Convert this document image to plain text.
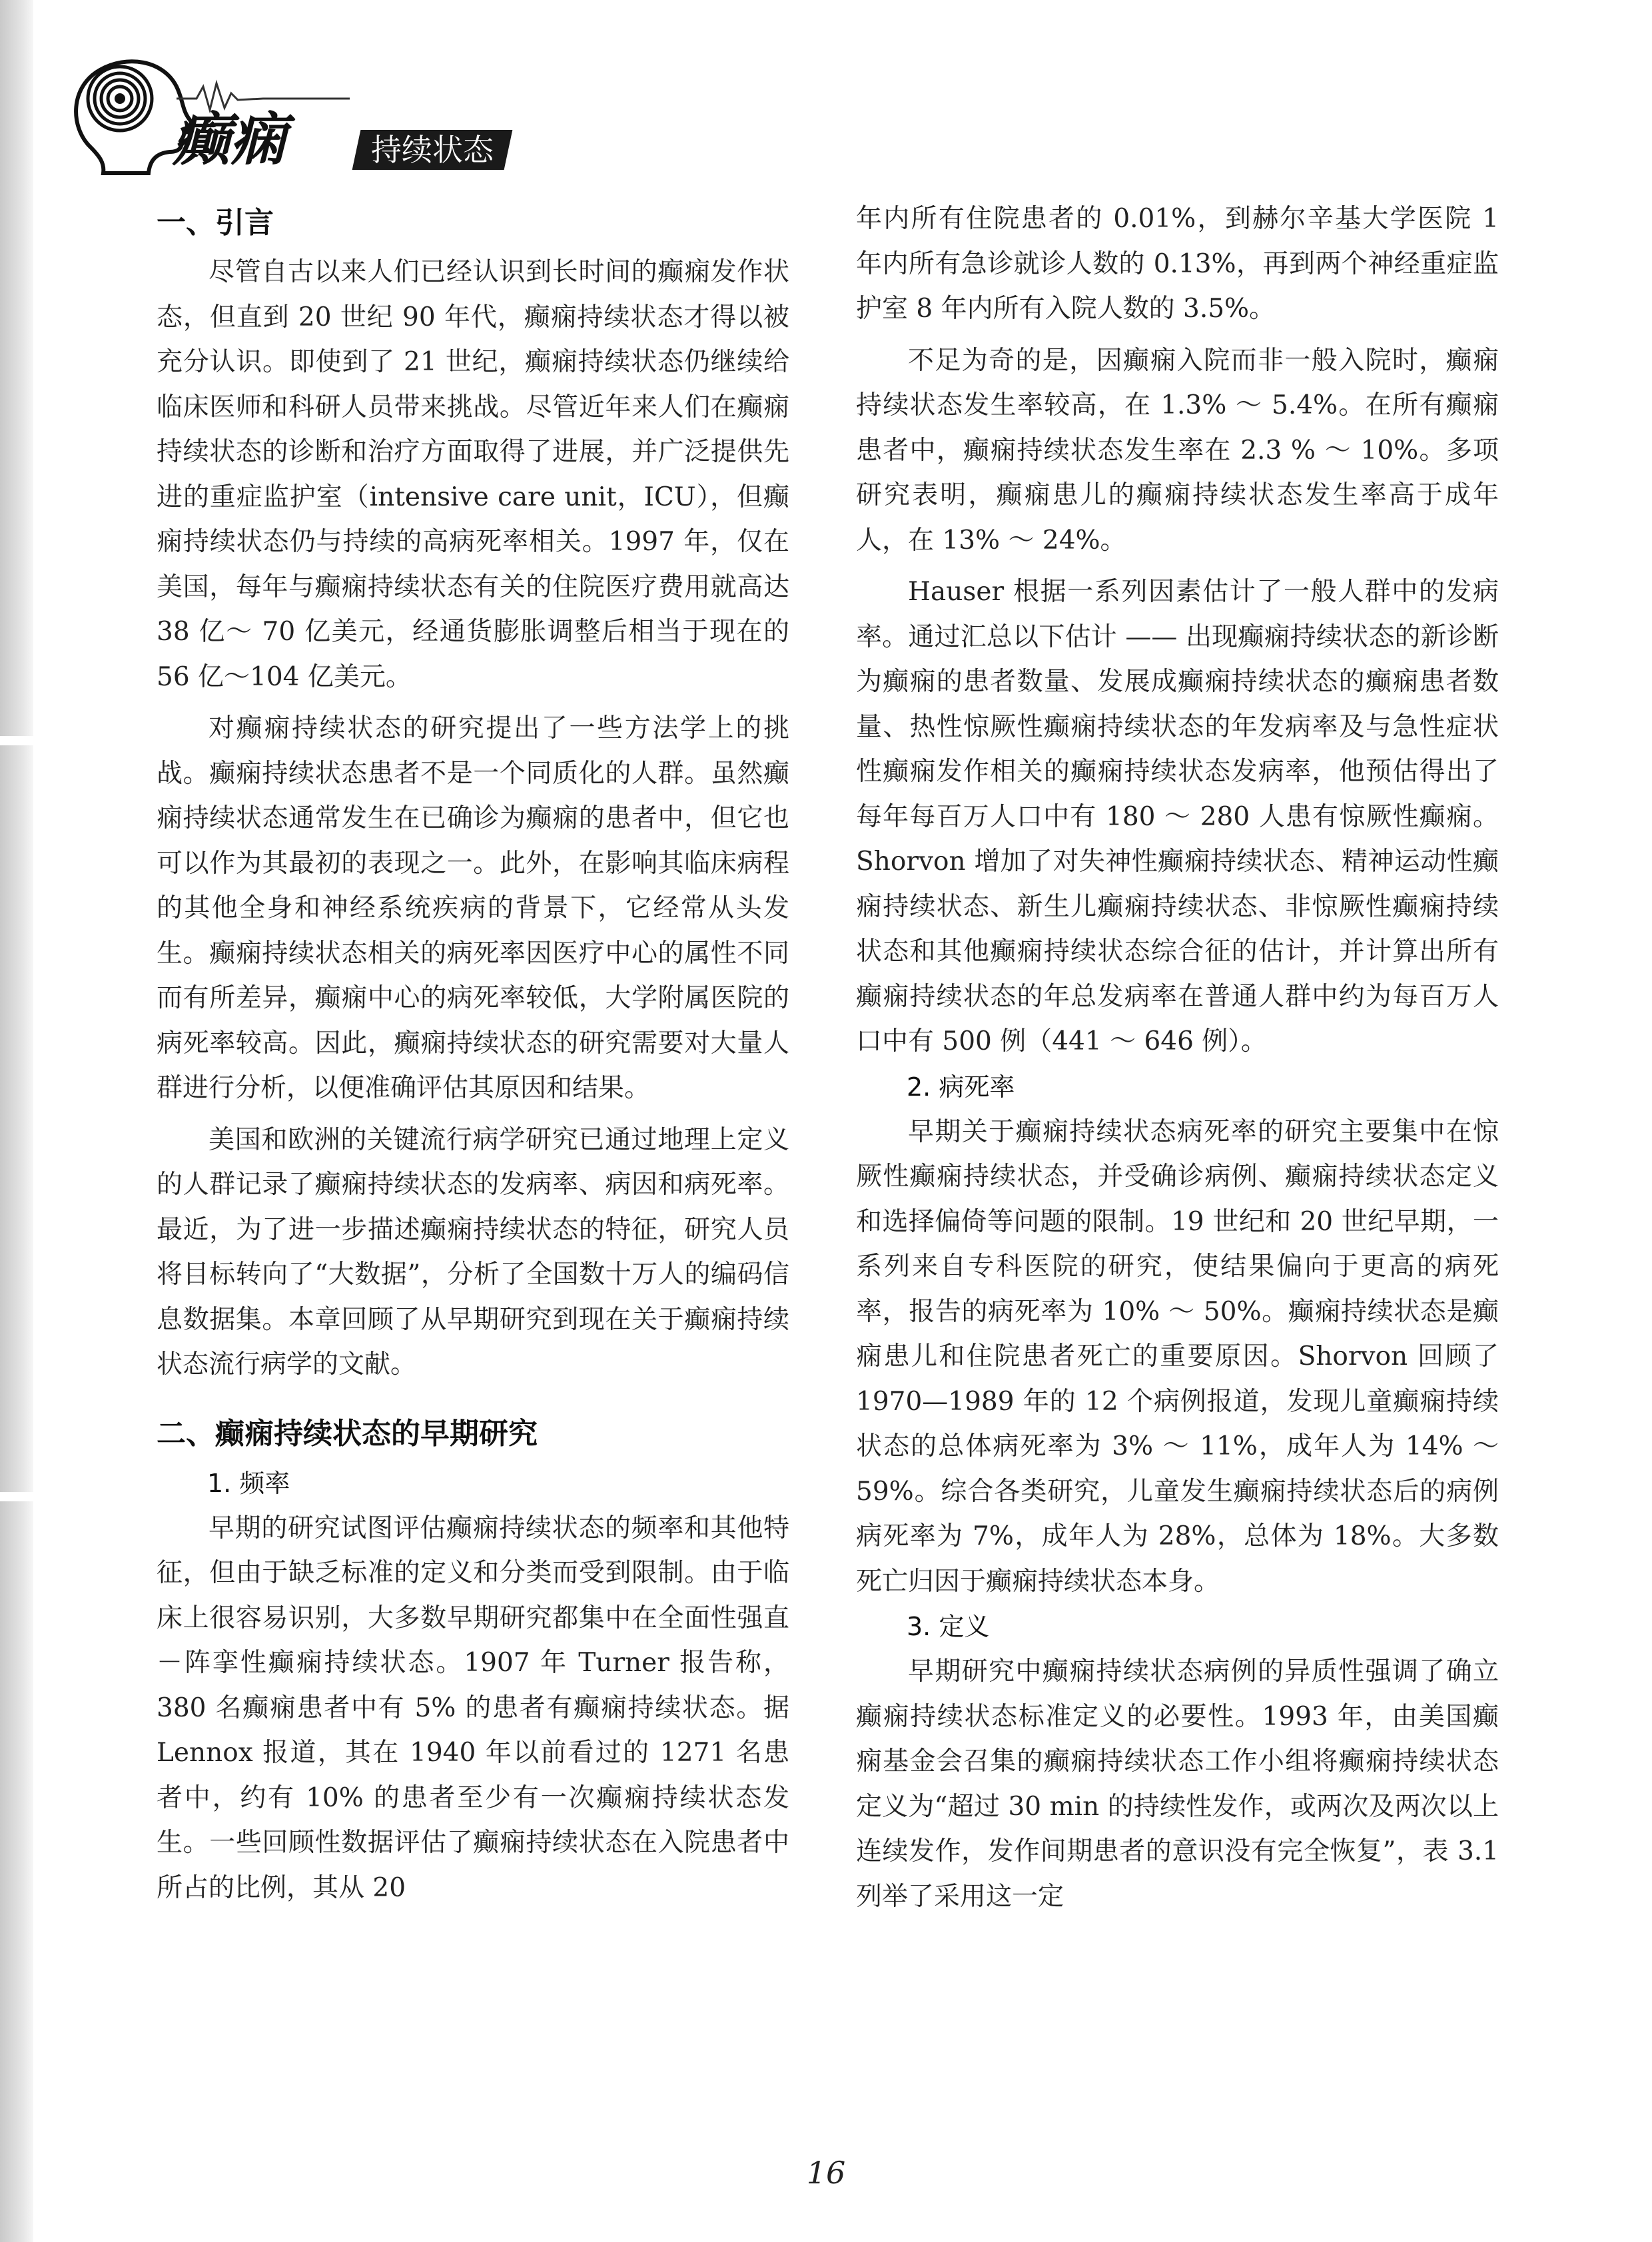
癫痫	持续状态
一、引言

尽管自古以来人们已经认识到长时间的癫痫发作状态，但直到 20 世纪 90 年代，癫痫持续状态才得以被充分认识。即使到了 21 世纪，癫痫持续状态仍继续给临床医师和科研人员带来挑战。尽管近年来人们在癫痫持续状态的诊断和治疗方面取得了进展，并广泛提供先进的重症监护室（intensive care unit，ICU），但癫痫持续状态仍与持续的高病死率相关。1997 年，仅在美国，每年与癫痫持续状态有关的住院医疗费用就高达 38 亿～ 70 亿美元，经通货膨胀调整后相当于现在的 56 亿～104 亿美元。

对癫痫持续状态的研究提出了一些方法学上的挑战。癫痫持续状态患者不是一个同质化的人群。虽然癫痫持续状态通常发生在已确诊为癫痫的患者中，但它也可以作为其最初的表现之一。此外，在影响其临床病程的其他全身和神经系统疾病的背景下，它经常从头发生。癫痫持续状态相关的病死率因医疗中心的属性不同而有所差异，癫痫中心的病死率较低，大学附属医院的病死率较高。因此，癫痫持续状态的研究需要对大量人群进行分析，以便准确评估其原因和结果。

美国和欧洲的关键流行病学研究已通过地理上定义的人群记录了癫痫持续状态的发病率、病因和病死率。最近，为了进一步描述癫痫持续状态的特征，研究人员将目标转向了“大数据”，分析了全国数十万人的编码信息数据集。本章回顾了从早期研究到现在关于癫痫持续状态流行病学的文献。

二、癫痫持续状态的早期研究
1. 频率

早期的研究试图评估癫痫持续状态的频率和其他特征，但由于缺乏标准的定义和分类而受到限制。由于临床上很容易识别，大多数早期研究都集中在全面性强直－阵挛性癫痫持续状态。1907 年 Turner 报告称，380 名癫痫患者中有 5% 的患者有癫痫持续状态。据 Lennox 报道，其在 1940 年以前看过的 1271 名患者中，约有 10% 的患者至少有一次癫痫持续状态发生。一些回顾性数据评估了癫痫持续状态在入院患者中所占的比例，其从 20

年内所有住院患者的 0.01%，到赫尔辛基大学医院 1 年内所有急诊就诊人数的 0.13%，再到两个神经重症监护室 8 年内所有入院人数的 3.5%。

不足为奇的是，因癫痫入院而非一般入院时，癫痫持续状态发生率较高，在 1.3% ～ 5.4%。在所有癫痫患者中，癫痫持续状态发生率在 2.3 % ～ 10%。多项研究表明，癫痫患儿的癫痫持续状态发生率高于成年人，在 13% ～ 24%。

Hauser 根据一系列因素估计了一般人群中的发病率。通过汇总以下估计 —— 出现癫痫持续状态的新诊断为癫痫的患者数量、发展成癫痫持续状态的癫痫患者数量、热性惊厥性癫痫持续状态的年发病率及与急性症状性癫痫发作相关的癫痫持续状态发病率，他预估得出了每年每百万人口中有 180 ～ 280 人患有惊厥性癫痫。Shorvon 增加了对失神性癫痫持续状态、精神运动性癫痫持续状态、新生儿癫痫持续状态、非惊厥性癫痫持续状态和其他癫痫持续状态综合征的估计，并计算出所有癫痫持续状态的年总发病率在普通人群中约为每百万人口中有 500 例（441 ～ 646 例）。

2. 病死率

早期关于癫痫持续状态病死率的研究主要集中在惊厥性癫痫持续状态，并受确诊病例、癫痫持续状态定义和选择偏倚等问题的限制。19 世纪和 20 世纪早期，一系列来自专科医院的研究，使结果偏向于更高的病死率，报告的病死率为 10% ～ 50%。癫痫持续状态是癫痫患儿和住院患者死亡的重要原因。Shorvon 回顾了 1970—1989 年的 12 个病例报道，发现儿童癫痫持续状态的总体病死率为 3% ～ 11%，成年人为 14% ～ 59%。综合各类研究，儿童发生癫痫持续状态后的病例病死率为 7%，成年人为 28%，总体为 18%。大多数死亡归因于癫痫持续状态本身。

3. 定义

早期研究中癫痫持续状态病例的异质性强调了确立癫痫持续状态标准定义的必要性。1993 年，由美国癫痫基金会召集的癫痫持续状态工作小组将癫痫持续状态定义为“超过 30 min 的持续性发作，或两次及两次以上连续发作，发作间期患者的意识没有完全恢复”，表 3.1 列举了采用这一定

16
